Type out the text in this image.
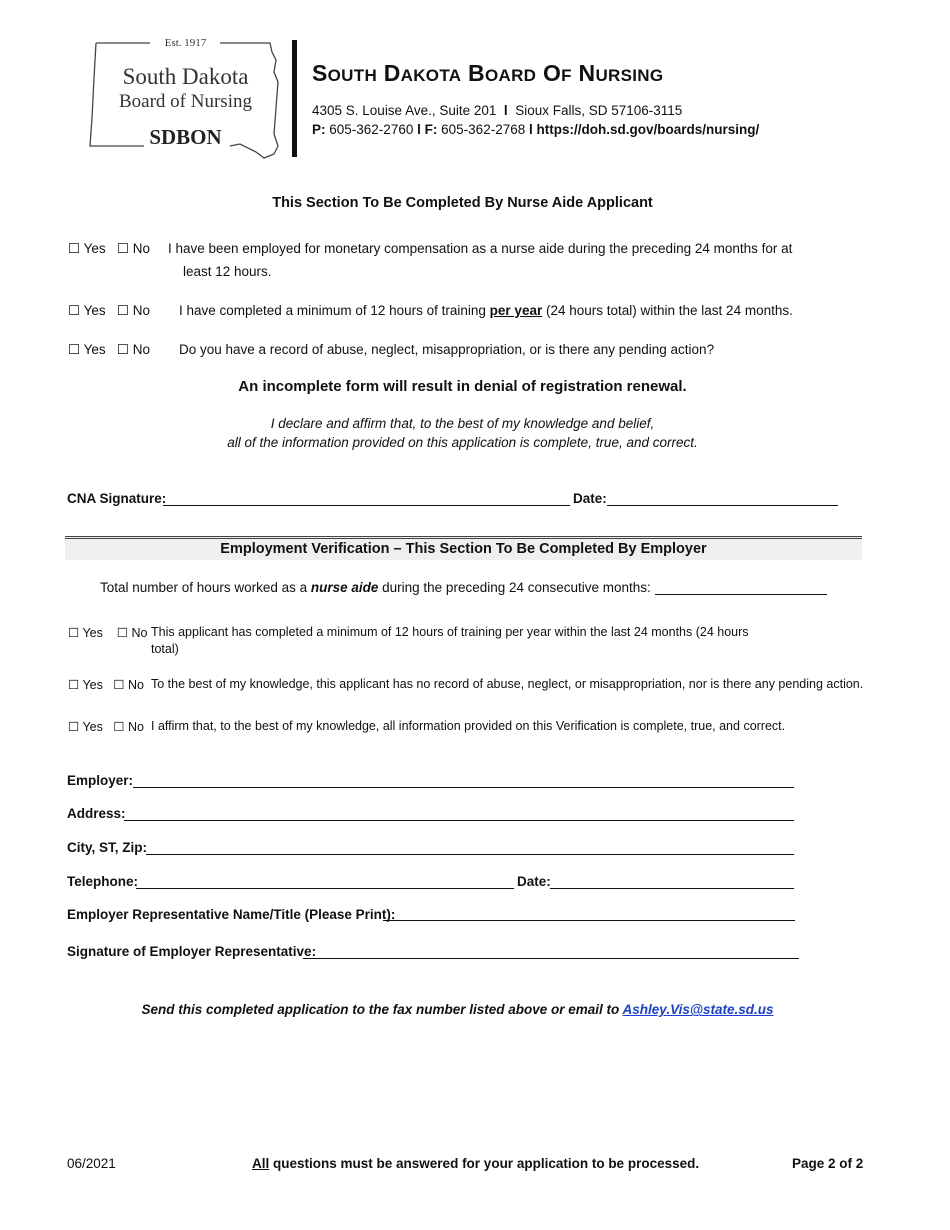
Est. 1917
South Dakota
Board of Nursing
SDBON
SOUTH DAKOTA BOARD OF NURSING
4305 S. Louise Ave., Suite 201 l Sioux Falls, SD 57106-3115
P: 605-362-2760 l F: 605-362-2768 l https://doh.sd.gov/boards/nursing/
This Section To Be Completed By Nurse Aide Applicant
☐ Yes ☐ No I have been employed for monetary compensation as a nurse aide during the preceding 24 months for at
least 12 hours.
☐ Yes ☐ No I have completed a minimum of 12 hours of training per year (24 hours total) within the last 24 months.
☐ Yes ☐ No Do you have a record of abuse, neglect, misappropriation, or is there any pending action?
An incomplete form will result in denial of registration renewal.
I declare and affirm that, to the best of my knowledge and belief,
all of the information provided on this application is complete, true, and correct.
CNA Signature:	Date:
Employment Verification – This Section To Be Completed By Employer
Total number of hours worked as a nurse aide during the preceding 24 consecutive months:
☐ Yes ☐ No This applicant has completed a minimum of 12 hours of training per year within the last 24 months (24 hours
total)
☐ Yes ☐ No To the best of my knowledge, this applicant has no record of abuse, neglect, or misappropriation, nor is there any pending action.
☐ Yes ☐ No I affirm that, to the best of my knowledge, all information provided on this Verification is complete, true, and correct.
Employer:
Address:
City, ST, Zip:
Telephone:	Date:
Employer Representative Name/Title (Please Print):
Signature of Employer Representative:
Send this completed application to the fax number listed above or email to Ashley.Vis@state.sd.us
06/2021	All questions must be answered for your application to be processed.	Page 2 of 2
